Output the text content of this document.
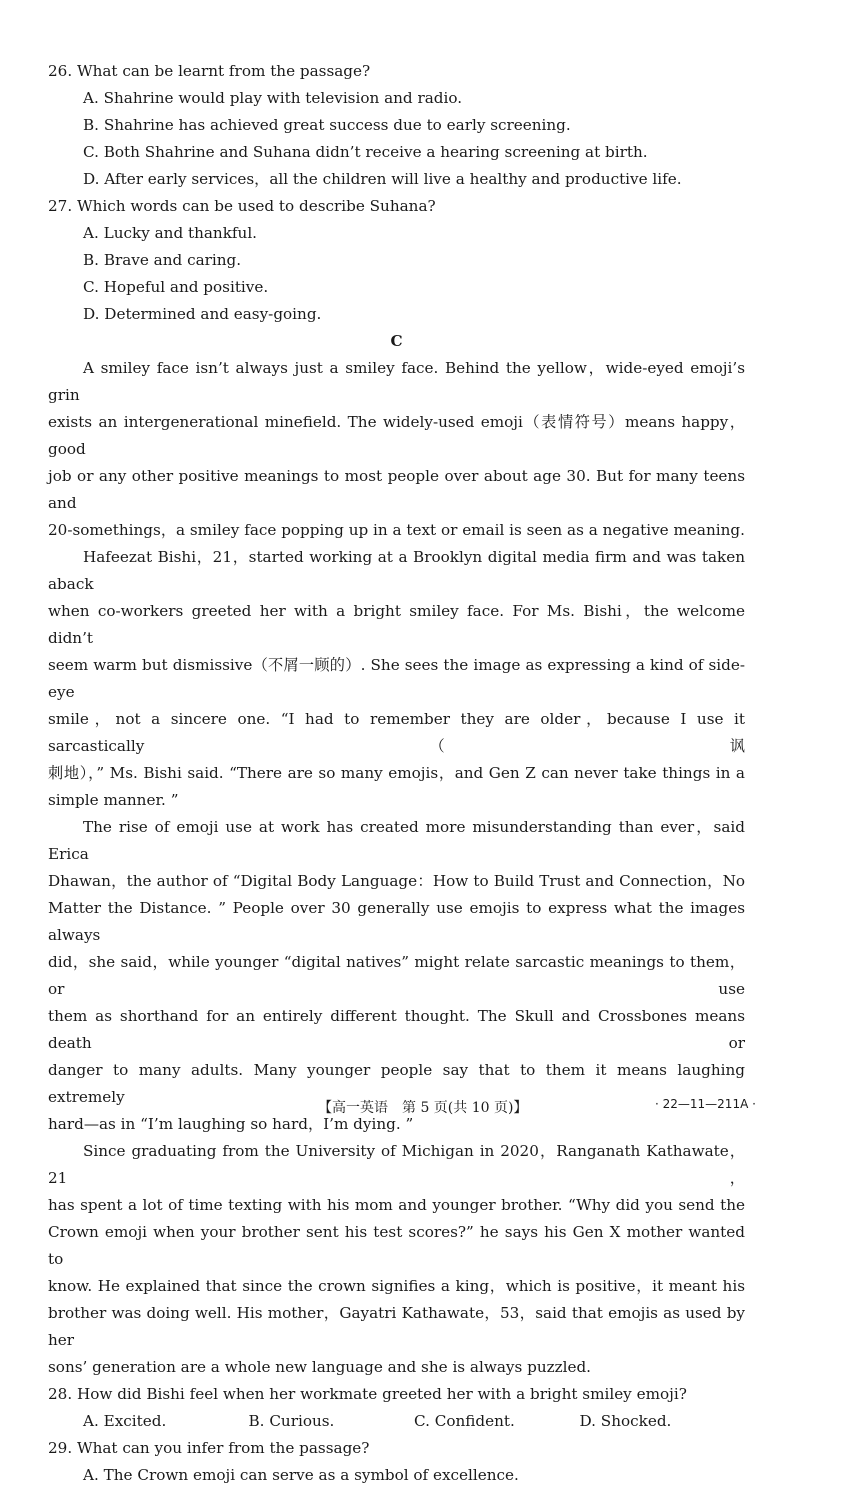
26. What can be learnt from the passage?
A. Shahrine would play with television and radio.
B. Shahrine has achieved great success due to early screening.
C. Both Shahrine and Suhana didn’t receive a hearing screening at birth.
D. After early services，all the children will live a healthy and productive life.
27. Which words can be used to describe Suhana?
A. Lucky and thankful.
B. Brave and caring.
C. Hopeful and positive.
D. Determined and easy-going.
C
A smiley face isn’t always just a smiley face. Behind the yellow，wide-eyed emoji’s grin
exists an intergenerational minefield. The widely-used emoji（表情符号）means happy，good
job or any other positive meanings to most people over about age 30. But for many teens and
20-somethings，a smiley face popping up in a text or email is seen as a negative meaning.
Hafeezat Bishi，21，started working at a Brooklyn digital media firm and was taken aback
when co-workers greeted her with a bright smiley face. For Ms. Bishi，the welcome didn’t
seem warm but dismissive（不屑一顾的）. She sees the image as expressing a kind of side-eye
smile，not a sincere one. “I had to remember they are older，because I use it sarcastically（讽
刺地），” Ms. Bishi said. “There are so many emojis，and Gen Z can never take things in a
simple manner. ”
The rise of emoji use at work has created more misunderstanding than ever，said Erica
Dhawan，the author of “Digital Body Language：How to Build Trust and Connection，No
Matter the Distance. ” People over 30 generally use emojis to express what the images always
did，she said，while younger “digital natives” might relate sarcastic meanings to them，or use
them as shorthand for an entirely different thought. The Skull and Crossbones means death or
danger to many adults. Many younger people say that to them it means laughing extremely
hard—as in “I’m laughing so hard，I’m dying. ”
Since graduating from the University of Michigan in 2020，Ranganath Kathawate，21，
has spent a lot of time texting with his mom and younger brother. “Why did you send the
Crown emoji when your brother sent his test scores?” he says his Gen X mother wanted to
know. He explained that since the crown signifies a king，which is positive，it meant his
brother was doing well. His mother，Gayatri Kathawate，53，said that emojis as used by her
sons’ generation are a whole new language and she is always puzzled.
28. How did Bishi feel when her workmate greeted her with a bright smiley emoji?
A. Excited.	B. Curious.	C. Confident.	D. Shocked.
29. What can you infer from the passage?
A. The Crown emoji can serve as a symbol of excellence.
【高一英语　第 5 页(共 10 页)】	· 22—11—211A ·
